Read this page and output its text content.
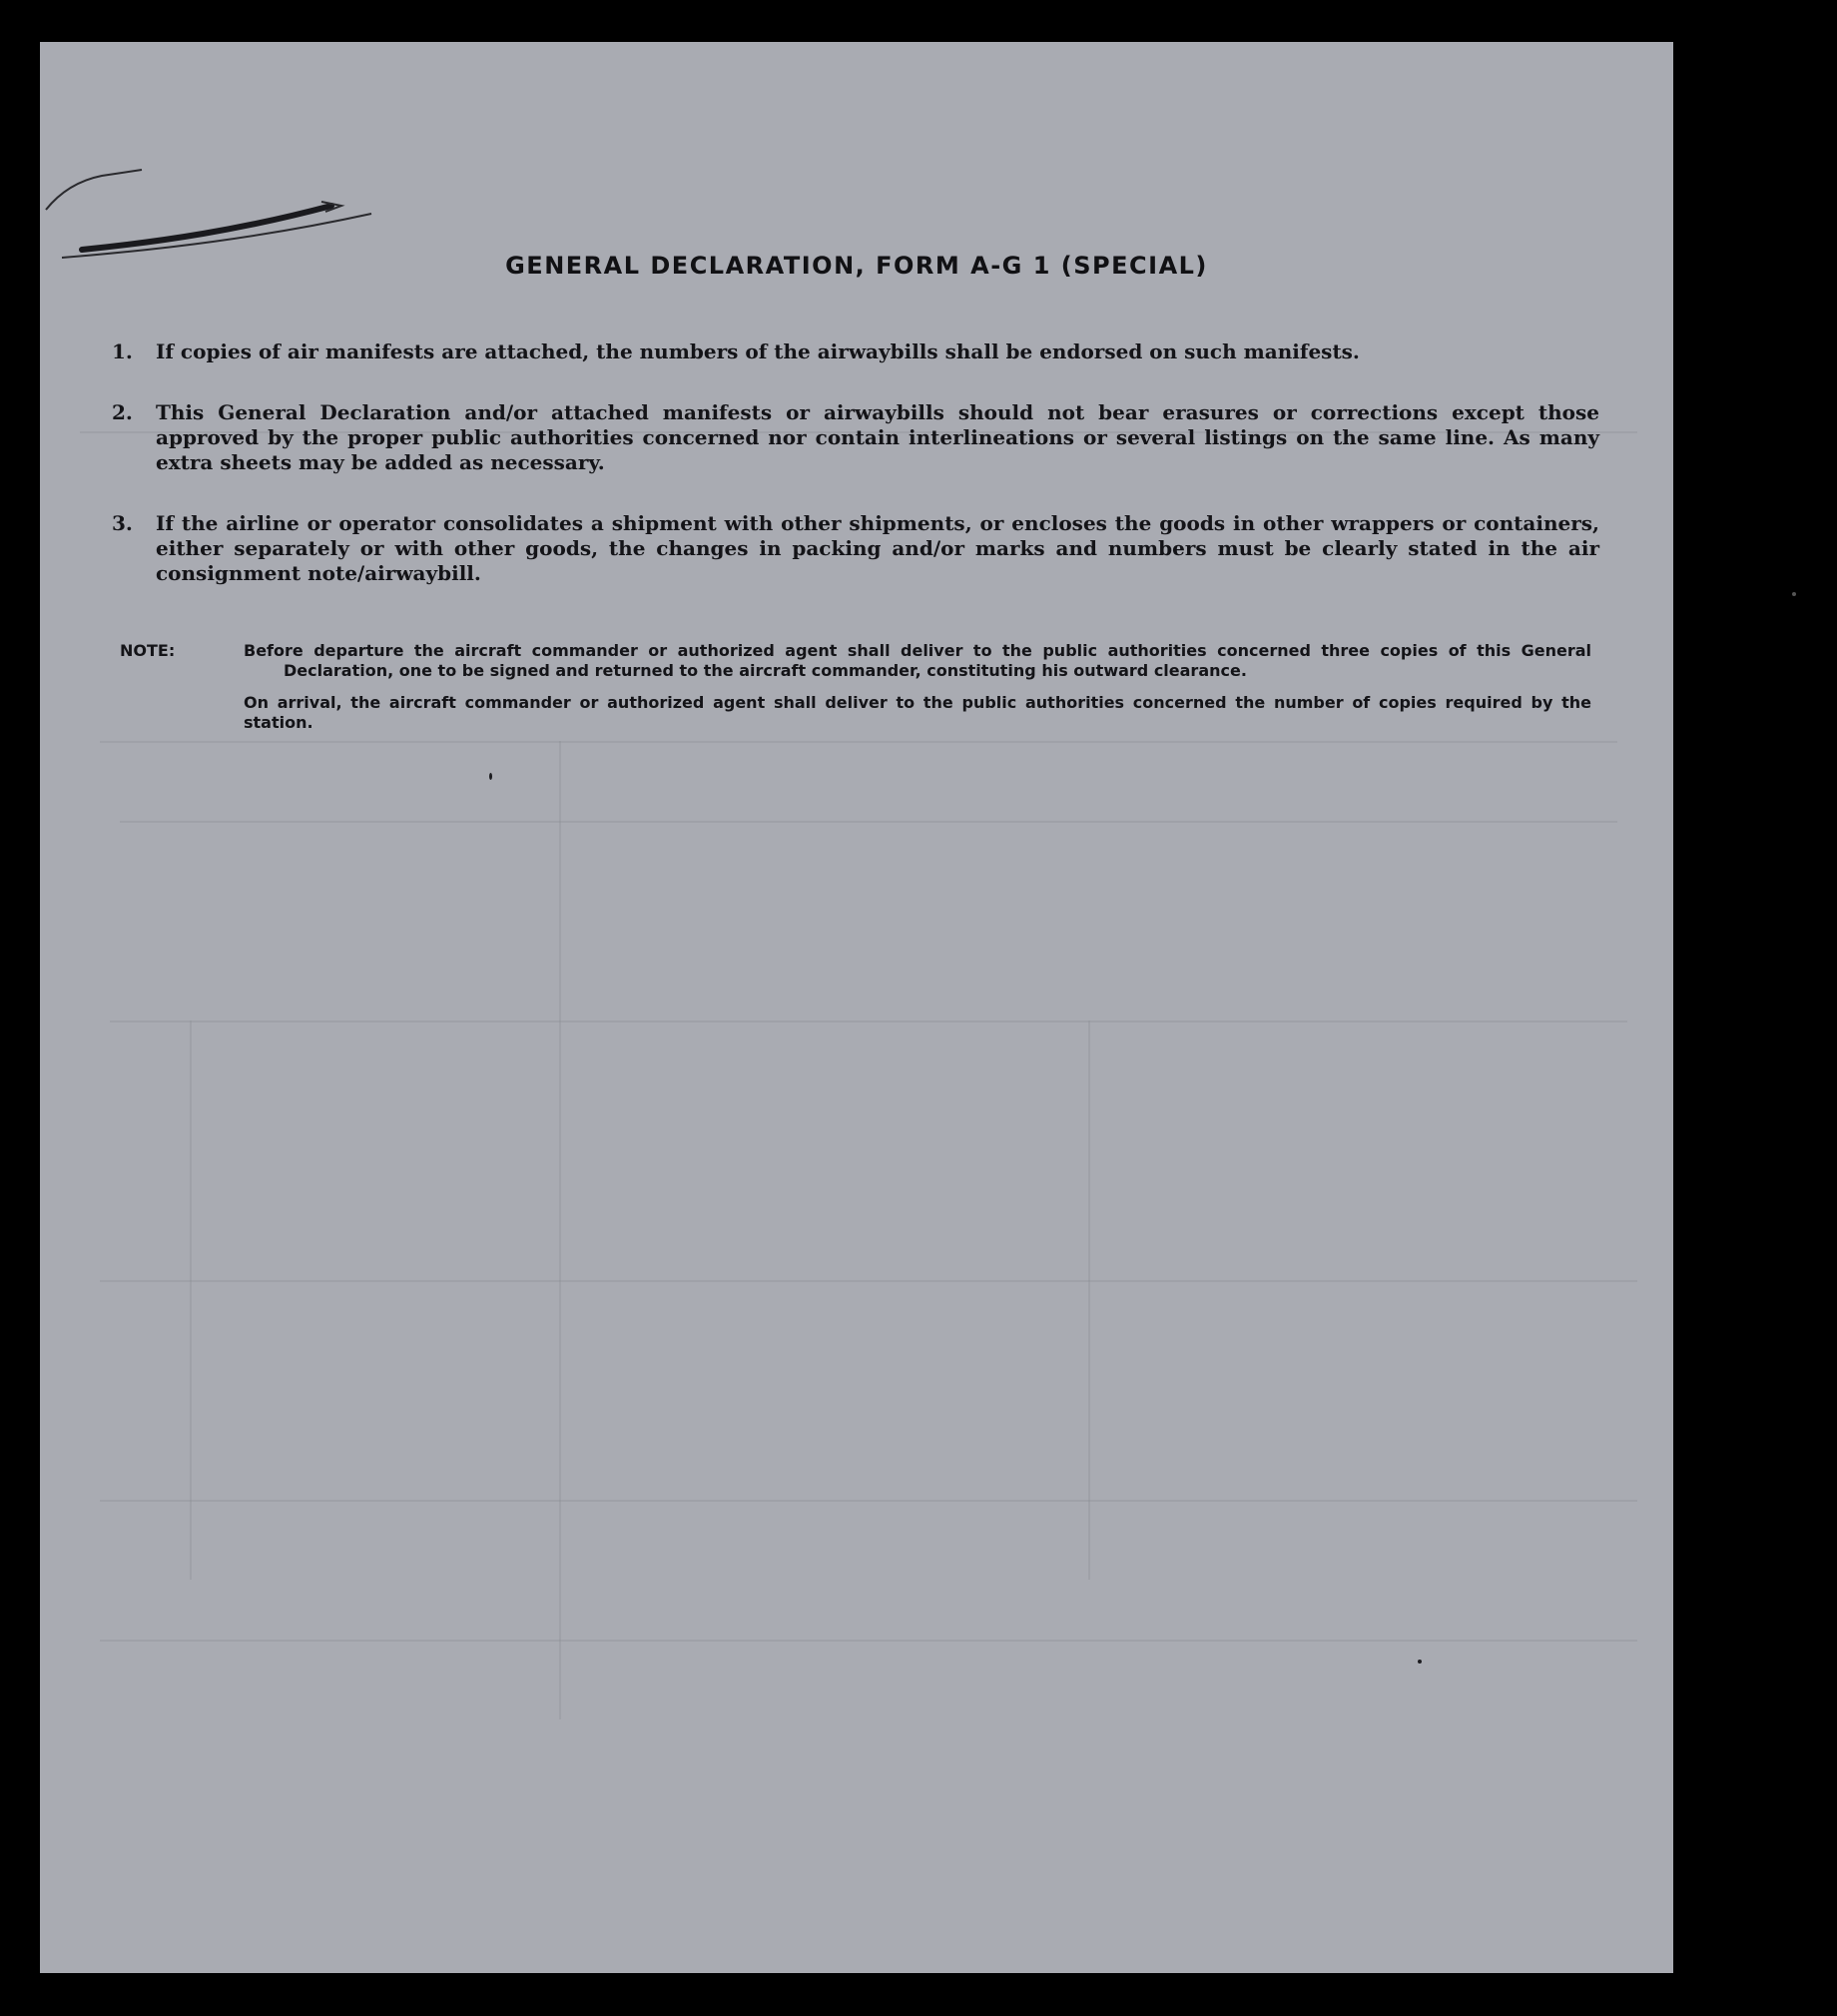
GENERAL DECLARATION, FORM A-G 1 (SPECIAL)
1.	If copies of air manifests are attached, the numbers of the airwaybills shall be endorsed on such manifests.
2.	This General Declaration and/or attached manifests or airwaybills should not bear erasures or corrections except those approved by the proper public authorities concerned nor contain interlineations or several listings on the same line. As many extra sheets may be added as necessary.
3.	If the airline or operator consolidates a shipment with other shipments, or encloses the goods in other wrappers or containers, either separately or with other goods, the changes in packing and/or marks and numbers must be clearly stated in the air consignment note/airwaybill.
NOTE:	Before departure the aircraft commander or authorized agent shall deliver to the public authorities concerned three copies of this General Declaration, one to be signed and returned to the aircraft commander, constituting his outward clearance.

On arrival, the aircraft commander or authorized agent shall deliver to the public authorities concerned the number of copies required by the station.
